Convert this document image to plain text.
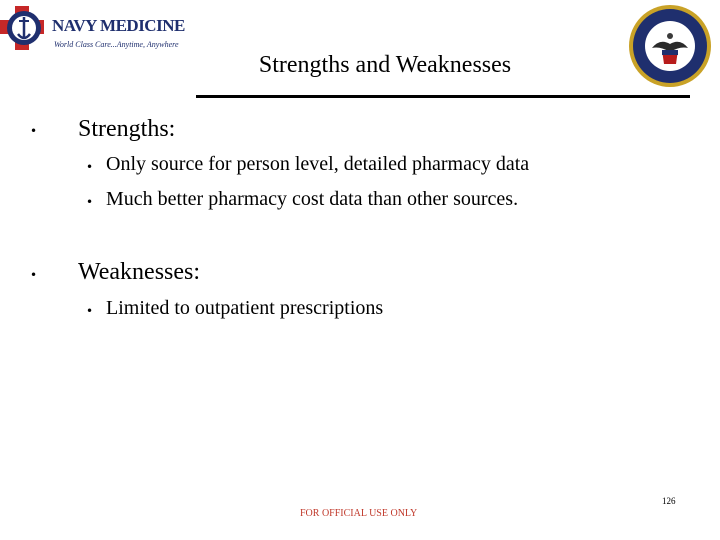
NAVY MEDICINE
World Class Care...Anytime, Anywhere
Strengths and Weaknesses
• Strengths:
• Only source for person level, detailed pharmacy data
• Much better pharmacy cost data than other sources.
• Weaknesses:
• Limited to outpatient prescriptions
FOR OFFICIAL USE ONLY
126
